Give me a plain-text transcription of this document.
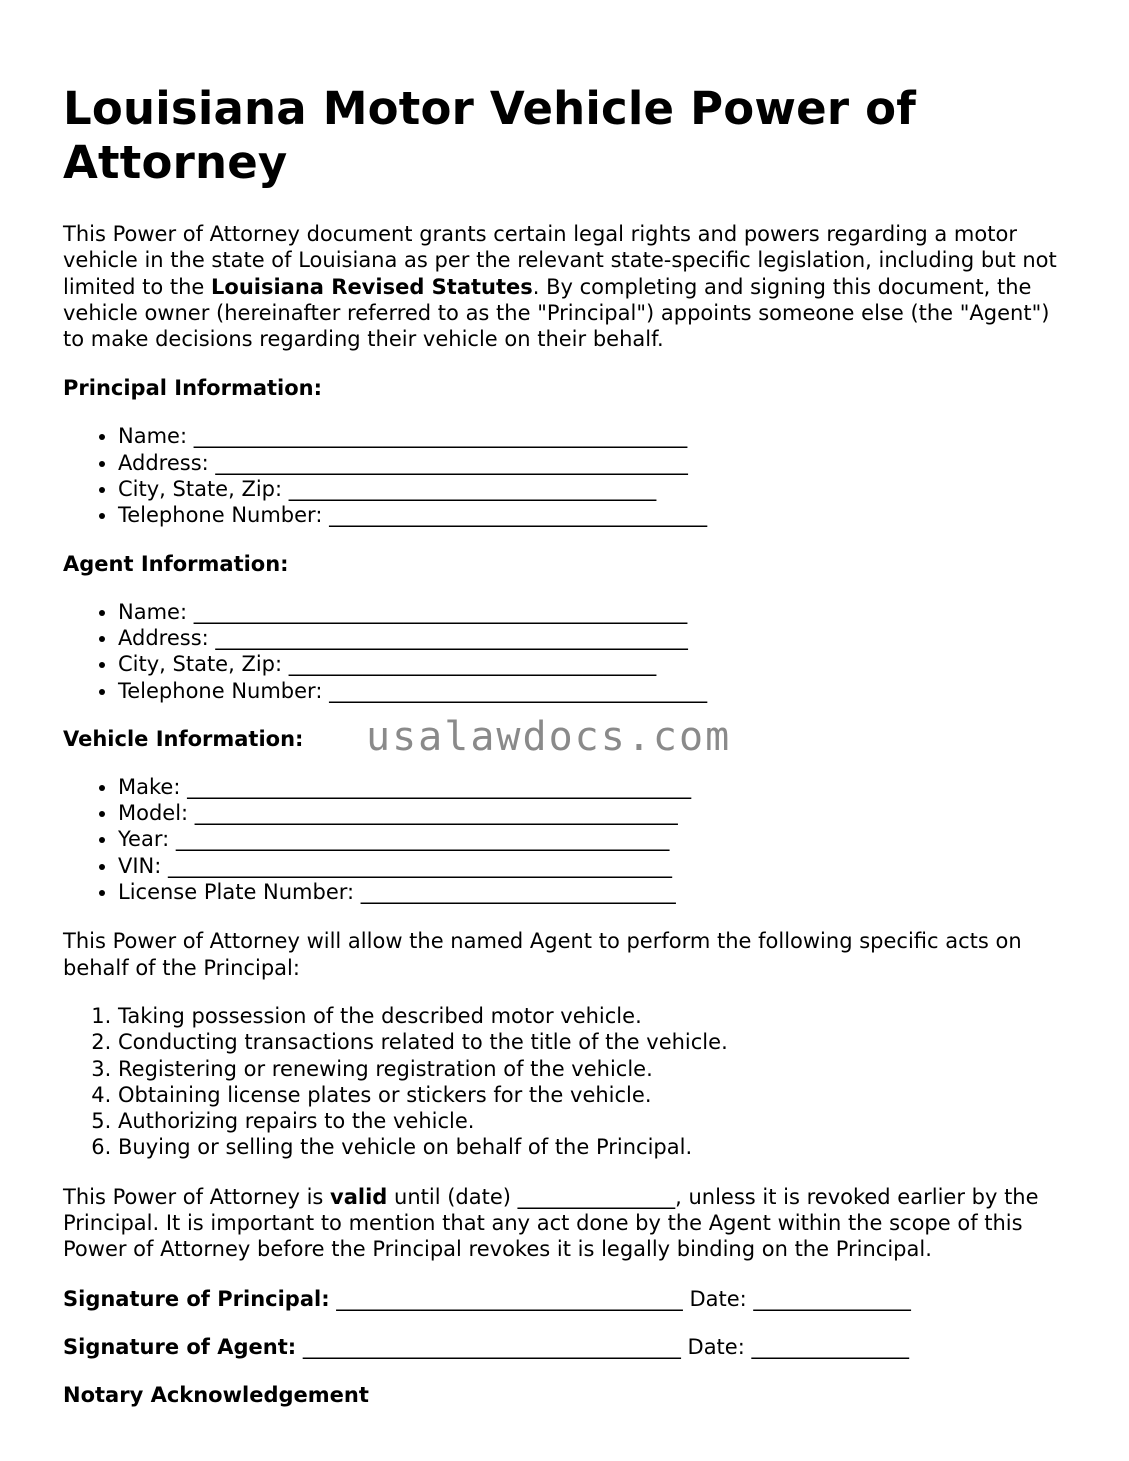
Louisiana Motor Vehicle Power of Attorney

This Power of Attorney document grants certain legal rights and powers regarding a motor vehicle in the state of Louisiana as per the relevant state-specific legislation, including but not limited to the Louisiana Revised Statutes. By completing and signing this document, the vehicle owner (hereinafter referred to as the "Principal") appoints someone else (the "Agent") to make decisions regarding their vehicle on their behalf.

Principal Information:
• Name: _______________________________________________
• Address: _____________________________________________
• City, State, Zip: ___________________________________
• Telephone Number: ____________________________________
Agent Information:
• Name: _______________________________________________
• Address: _____________________________________________
• City, State, Zip: ___________________________________
• Telephone Number: ____________________________________
Vehicle Information:
• Make: ________________________________________________
• Model: ______________________________________________
• Year: _______________________________________________
• VIN: ________________________________________________
• License Plate Number: ______________________________

This Power of Attorney will allow the named Agent to perform the following specific acts on behalf of the Principal:

1. Taking possession of the described motor vehicle.
2. Conducting transactions related to the title of the vehicle.
3. Registering or renewing registration of the vehicle.
4. Obtaining license plates or stickers for the vehicle.
5. Authorizing repairs to the vehicle.
6. Buying or selling the vehicle on behalf of the Principal.

This Power of Attorney is valid until (date) _______________, unless it is revoked earlier by the Principal. It is important to mention that any act done by the Agent within the scope of this Power of Attorney before the Principal revokes it is legally binding on the Principal.

Signature of Principal: _________________________________ Date: _______________
Signature of Agent: ____________________________________ Date: _______________
Notary Acknowledgement
usalawdocs.com
